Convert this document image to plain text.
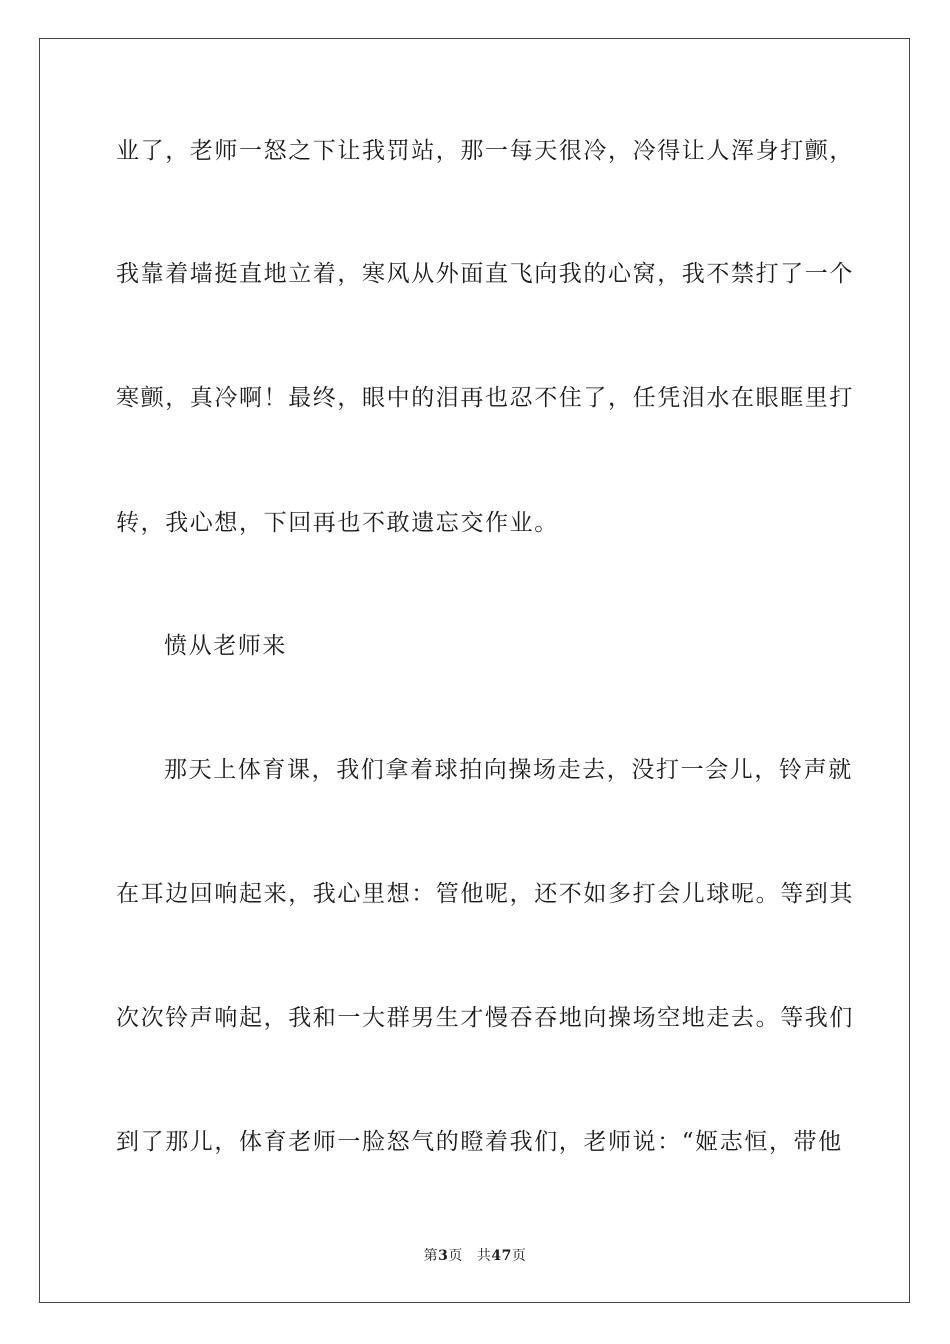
业了，老师一怒之下让我罚站，那一每天很冷，冷得让人浑身打颤，
我靠着墙挺直地立着，寒风从外面直飞向我的心窝，我不禁打了一个
寒颤，真冷啊！最终，眼中的泪再也忍不住了，任凭泪水在眼眶里打
转，我心想，下回再也不敢遗忘交作业。
愤从老师来
那天上体育课，我们拿着球拍向操场走去，没打一会儿，铃声就
在耳边回响起来，我心里想：管他呢，还不如多打会儿球呢。等到其
次次铃声响起，我和一大群男生才慢吞吞地向操场空地走去。等我们
到了那儿，体育老师一脸怒气的瞪着我们，老师说：“姬志恒，带他
第3页 共47页
